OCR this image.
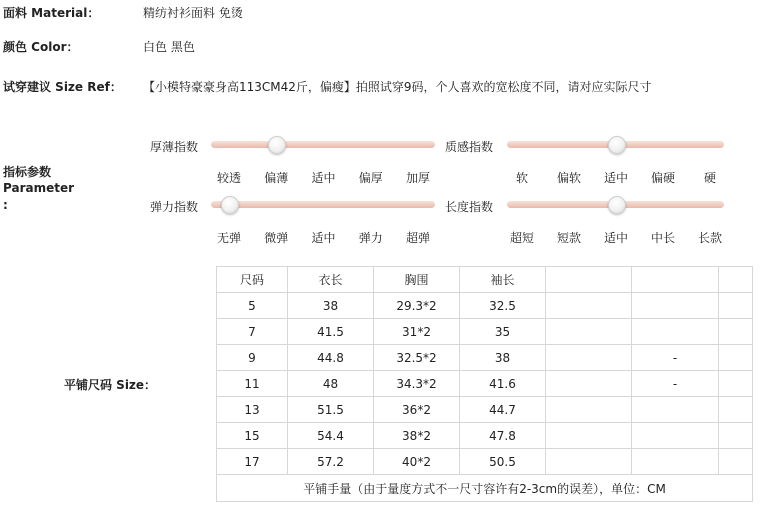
面料 Material：	精纺衬衫面料 免烫
颜色 Color：	白色 黑色
试穿建议 Size Ref： 【小模特豪豪身高113CM42斤，偏瘦】拍照试穿9码，个人喜欢的宽松度不同，请对应实际尺寸
指标参数
Parameter
:
厚薄指数	质感指数
弹力指数	长度指数
平铺尺码 Size：
尺码	衣长	胸围	袖长			
5	38	29.3*2	32.5			
7	41.5	31*2	35			
9	44.8	32.5*2	38		-	
11	48	34.3*2	41.6		-	
13	51.5	36*2	44.7			
15	54.4	38*2	47.8			
17	57.2	40*2	50.5			
平铺手量（由于量度方式不一尺寸容许有2-3cm的误差），单位：CM						
较透 偏薄 适中 偏厚 加厚	软 偏软 适中 偏硬 硬
无弹 微弹 适中 弹力 超弹	超短 短款 适中 中长 长款
